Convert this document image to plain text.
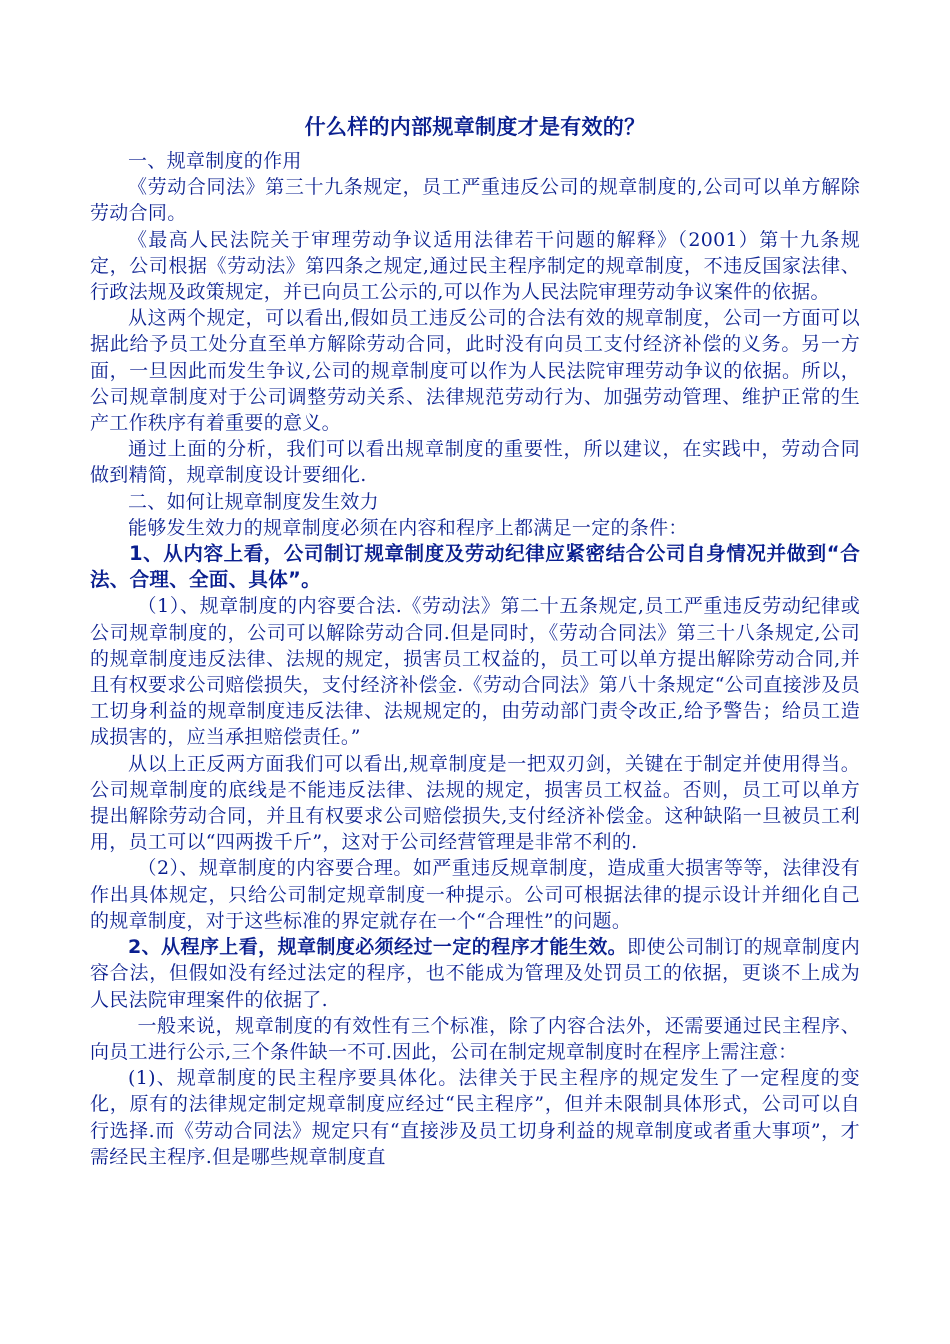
什么样的内部规章制度才是有效的？

一、规章制度的作用

《劳动合同法》第三十九条规定，员工严重违反公司的规章制度的,公司可以单方解除劳动合同。

《最高人民法院关于审理劳动争议适用法律若干问题的解释》（2001）第十九条规定，公司根据《劳动法》第四条之规定,通过民主程序制定的规章制度，不违反国家法律、行政法规及政策规定，并已向员工公示的,可以作为人民法院审理劳动争议案件的依据。

从这两个规定，可以看出,假如员工违反公司的合法有效的规章制度，公司一方面可以据此给予员工处分直至单方解除劳动合同，此时没有向员工支付经济补偿的义务。另一方面，一旦因此而发生争议,公司的规章制度可以作为人民法院审理劳动争议的依据。所以，公司规章制度对于公司调整劳动关系、法律规范劳动行为、加强劳动管理、维护正常的生产工作秩序有着重要的意义。

通过上面的分析，我们可以看出规章制度的重要性，所以建议，在实践中，劳动合同做到精简，规章制度设计要细化.

二、如何让规章制度发生效力

能够发生效力的规章制度必须在内容和程序上都满足一定的条件：

1、从内容上看，公司制订规章制度及劳动纪律应紧密结合公司自身情况并做到“合法、合理、全面、具体”。

（1）、规章制度的内容要合法.《劳动法》第二十五条规定,员工严重违反劳动纪律或公司规章制度的，公司可以解除劳动合同.但是同时，《劳动合同法》第三十八条规定,公司的规章制度违反法律、法规的规定，损害员工权益的，员工可以单方提出解除劳动合同,并且有权要求公司赔偿损失，支付经济补偿金.《劳动合同法》第八十条规定“公司直接涉及员工切身利益的规章制度违反法律、法规规定的，由劳动部门责令改正,给予警告；给员工造成损害的，应当承担赔偿责任。”

从以上正反两方面我们可以看出,规章制度是一把双刃剑，关键在于制定并使用得当。公司规章制度的底线是不能违反法律、法规的规定，损害员工权益。否则，员工可以单方提出解除劳动合同，并且有权要求公司赔偿损失,支付经济补偿金。这种缺陷一旦被员工利用，员工可以“四两拨千斤”，这对于公司经营管理是非常不利的.

（2）、规章制度的内容要合理。如严重违反规章制度，造成重大损害等等，法律没有作出具体规定，只给公司制定规章制度一种提示。公司可根据法律的提示设计并细化自己的规章制度，对于这些标准的界定就存在一个“合理性”的问题。

2、从程序上看，规章制度必须经过一定的程序才能生效。即使公司制订的规章制度内容合法，但假如没有经过法定的程序，也不能成为管理及处罚员工的依据，更谈不上成为人民法院审理案件的依据了.

一般来说，规章制度的有效性有三个标准，除了内容合法外，还需要通过民主程序、向员工进行公示,三个条件缺一不可.因此，公司在制定规章制度时在程序上需注意：

(1)、规章制度的民主程序要具体化。法律关于民主程序的规定发生了一定程度的变化，原有的法律规定制定规章制度应经过“民主程序”，但并未限制具体形式，公司可以自行选择.而《劳动合同法》规定只有“直接涉及员工切身利益的规章制度或者重大事项”，才需经民主程序.但是哪些规章制度直
